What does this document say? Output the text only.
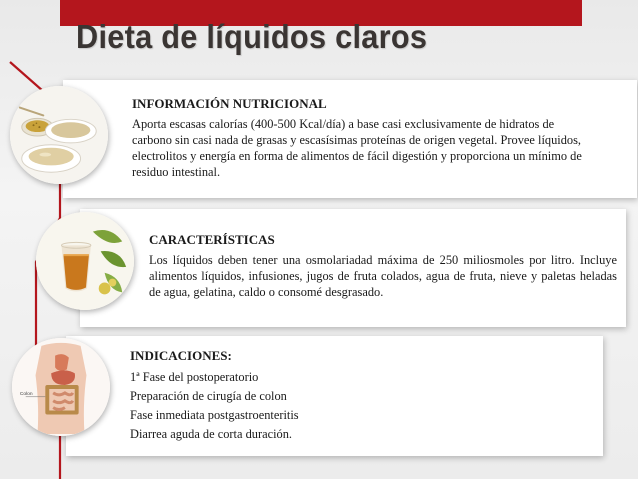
Dieta de líquidos claros
INFORMACIÓN NUTRICIONAL
Aporta escasas calorías (400-500 Kcal/día) a base casi exclusivamente de hidratos de carbono sin casi nada de grasas y escasísimas proteínas de origen vegetal. Provee líquidos, electrolitos y energía en forma de alimentos de fácil digestión y proporciona un mínimo de residuo intestinal.
CARACTERÍSTICAS
Los líquidos deben tener una osmolariadad máxima de 250 miliosmoles por litro. Incluye alimentos líquidos, infusiones, jugos de fruta colados, agua de fruta, nieve y paletas heladas de agua, gelatina, caldo o consomé desgrasado.
INDICACIONES:
1ª Fase del postoperatorio
Preparación de cirugía de colon
Fase inmediata postgastroenteritis
Diarrea aguda de corta duración.
Colon
